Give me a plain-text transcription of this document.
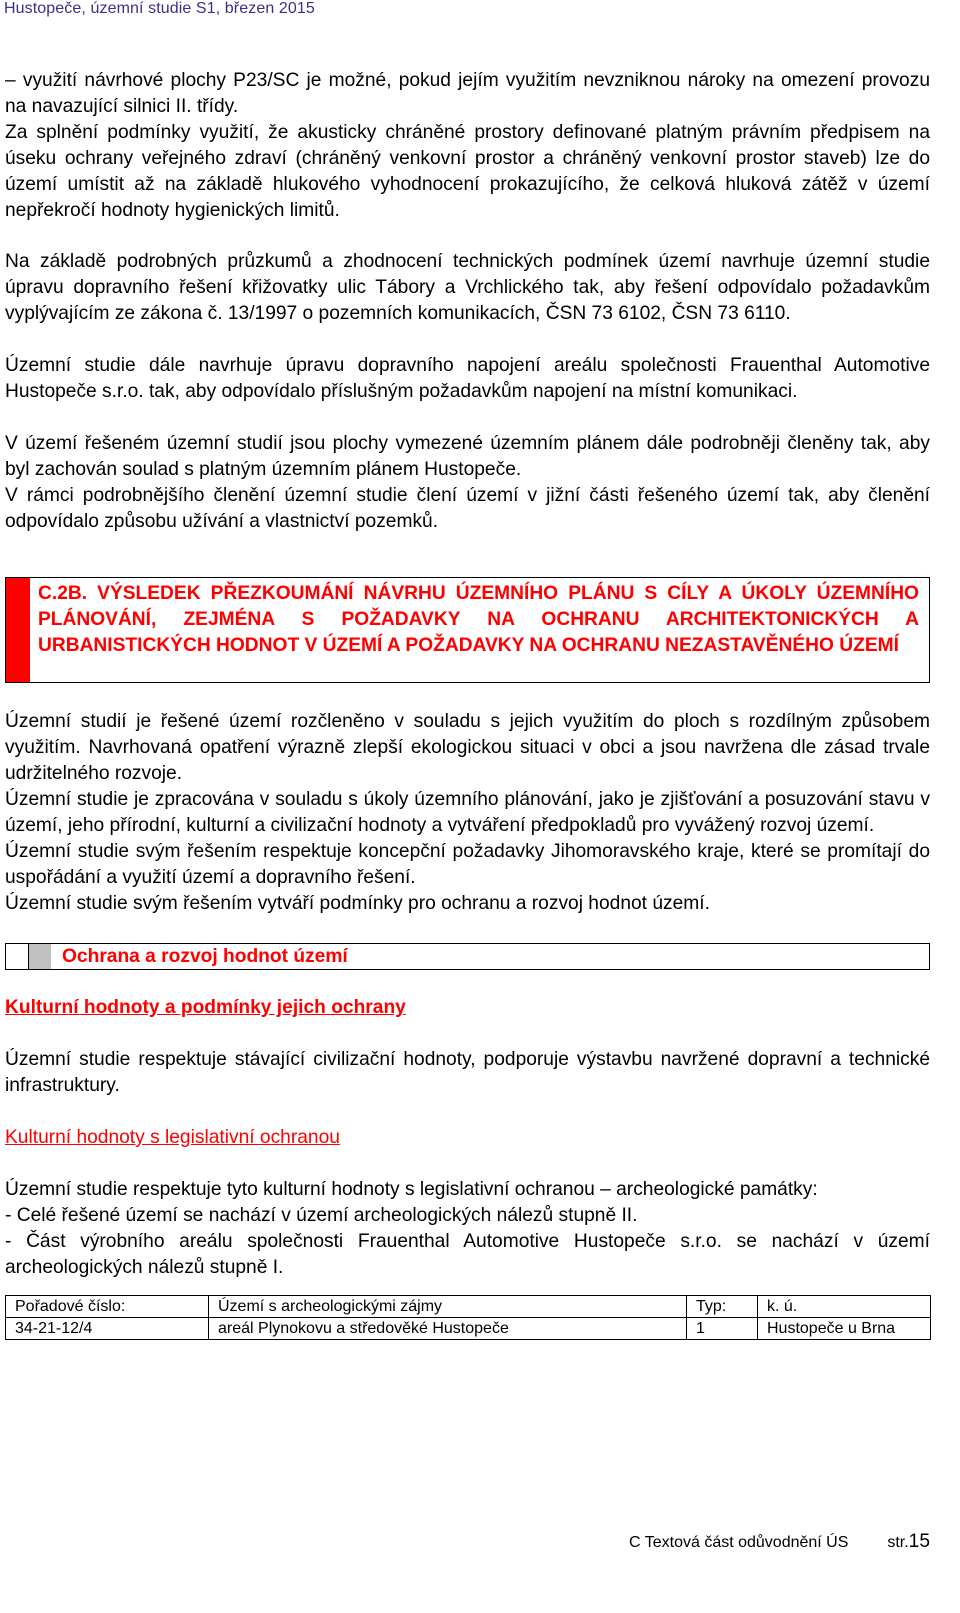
Hustopeče, územní studie S1, březen 2015

– využití návrhové plochy P23/SC je možné, pokud jejím využitím nevzniknou nároky na omezení provozu na navazující silnici II. třídy.

Za splnění podmínky využití, že akusticky chráněné prostory definované platným právním předpisem na úseku ochrany veřejného zdraví (chráněný venkovní prostor a chráněný venkovní prostor staveb) lze do území umístit až na základě hlukového vyhodnocení prokazujícího, že celková hluková zátěž v území nepřekročí hodnoty hygienických limitů.

Na základě podrobných průzkumů a zhodnocení technických podmínek území navrhuje územní studie úpravu dopravního řešení křižovatky ulic Tábory a Vrchlického tak, aby řešení odpovídalo požadavkům vyplývajícím ze zákona č. 13/1997 o pozemních komunikacích, ČSN 73 6102, ČSN 73 6110.

Územní studie dále navrhuje úpravu dopravního napojení areálu společnosti Frauenthal Automotive Hustopeče s.r.o. tak, aby odpovídalo příslušným požadavkům napojení na místní komunikaci.

V území řešeném územní studií jsou plochy vymezené územním plánem dále podrobněji členěny tak, aby byl zachován soulad s platným územním plánem Hustopeče.

V rámci podrobnějšího členění územní studie člení území v jižní části řešeného území tak, aby členění odpovídalo způsobu užívání a vlastnictví pozemků.

C.2B. VÝSLEDEK PŘEZKOUMÁNÍ NÁVRHU ÚZEMNÍHO PLÁNU S CÍLY A ÚKOLY ÚZEMNÍHO PLÁNOVÁNÍ, ZEJMÉNA S POŽADAVKY NA OCHRANU ARCHITEKTONICKÝCH A URBANISTICKÝCH HODNOT V ÚZEMÍ A POŽADAVKY NA OCHRANU NEZASTAVĚNÉHO ÚZEMÍ

Územní studií je řešené území rozčleněno v souladu s jejich využitím do ploch s rozdílným způsobem využitím. Navrhovaná opatření výrazně zlepší ekologickou situaci v obci a jsou navržena dle zásad trvale udržitelného rozvoje.

Územní studie je zpracována v souladu s úkoly územního plánování, jako je zjišťování a posuzování stavu v území, jeho přírodní, kulturní a civilizační hodnoty a vytváření předpokladů pro vyvážený rozvoj území.

Územní studie svým řešením respektuje koncepční požadavky Jihomoravského kraje, které se promítají do uspořádání a využití území a dopravního řešení.

Územní studie svým řešením vytváří podmínky pro ochranu a rozvoj hodnot území.

Ochrana a rozvoj hodnot území

Kulturní hodnoty a podmínky jejich ochrany

Územní studie respektuje stávající civilizační hodnoty, podporuje výstavbu navržené dopravní a technické infrastruktury.

Kulturní hodnoty s legislativní ochranou

Územní studie respektuje tyto kulturní hodnoty s legislativní ochranou – archeologické památky:

- Celé řešené území se nachází v území archeologických nálezů stupně II.

- Část výrobního areálu společnosti Frauenthal Automotive Hustopeče s.r.o. se nachází v území archeologických nálezů stupně I.

Pořadové číslo:	Území s archeologickými zájmy	Typ:	k. ú.
34-21-12/4	areál Plynokovu a středověké Hustopeče	1	Hustopeče u Brna
C Textová část odůvodnění ÚS str.15
